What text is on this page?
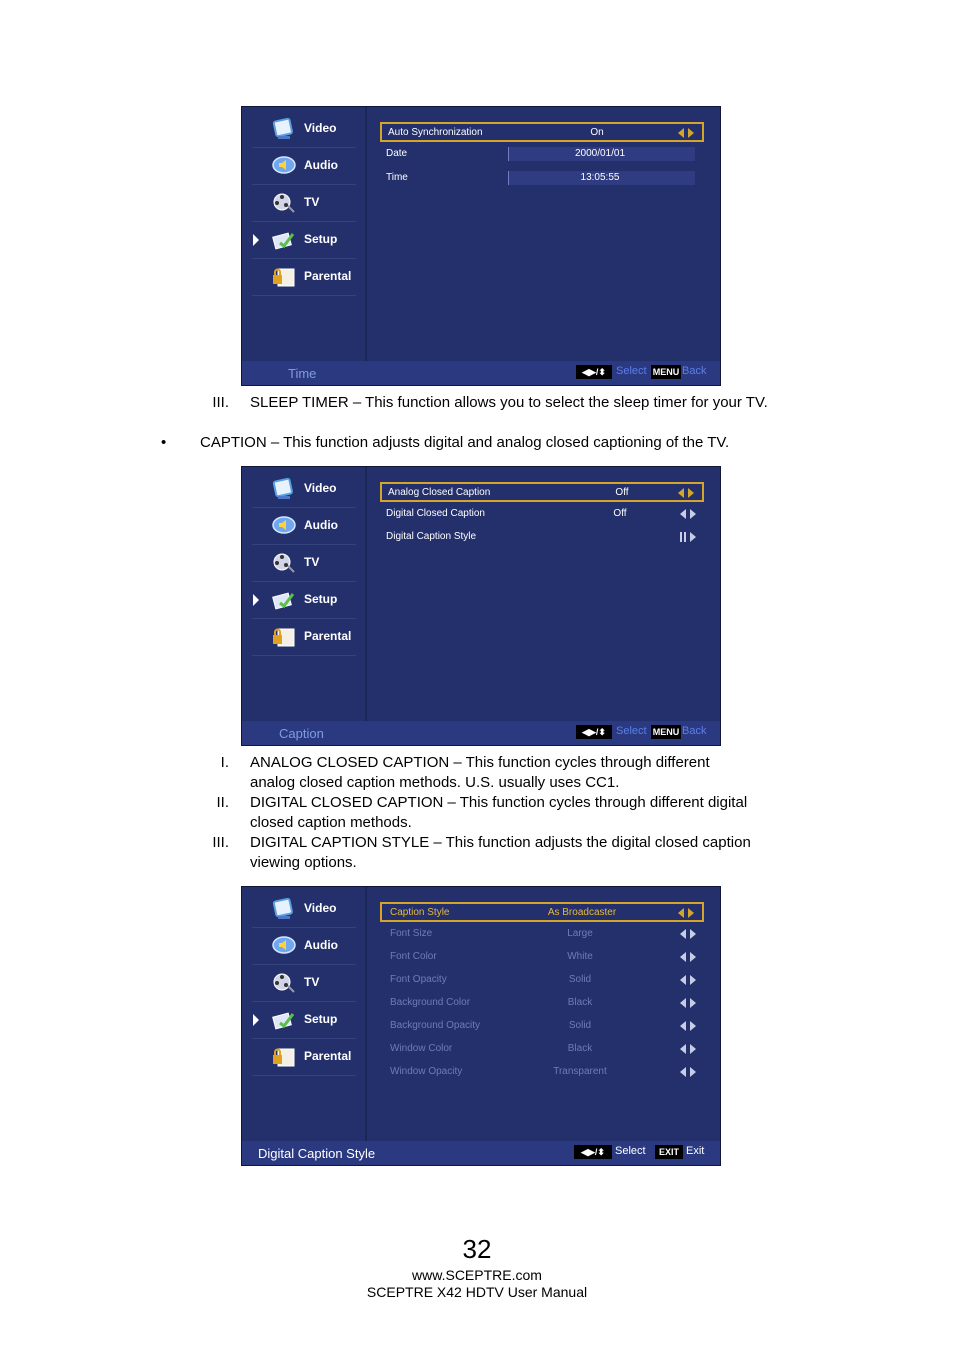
Video
Audio
TV
Setup
Parental
Auto Synchronization	On
Date	2000/01/01
Time	13:05:55
Time	◀▶/⬍ Select MENU Back
III. SLEEP TIMER – This function allows you to select the sleep timer for your TV.
• CAPTION – This function adjusts digital and analog closed captioning of the TV.
Video
Audio
TV
Setup
Parental
Analog Closed Caption	Off
Digital Closed Caption	Off
Digital Caption Style
Caption	◀▶/⬍ Select MENU Back
I. ANALOG CLOSED CAPTION – This function cycles through different analog closed caption methods. U.S. usually uses CC1.
II. DIGITAL CLOSED CAPTION – This function cycles through different digital closed caption methods.
III. DIGITAL CAPTION STYLE – This function adjusts the digital closed caption viewing options.
Video
Audio
TV
Setup
Parental
Caption Style	As Broadcaster
Font Size	Large
Font Color	White
Font Opacity	Solid
Background Color	Black
Background Opacity	Solid
Window Color	Black
Window Opacity	Transparent
Digital Caption Style	◀▶/⬍ Select	EXIT Exit
32
www.SCEPTRE.com
SCEPTRE X42 HDTV User Manual
